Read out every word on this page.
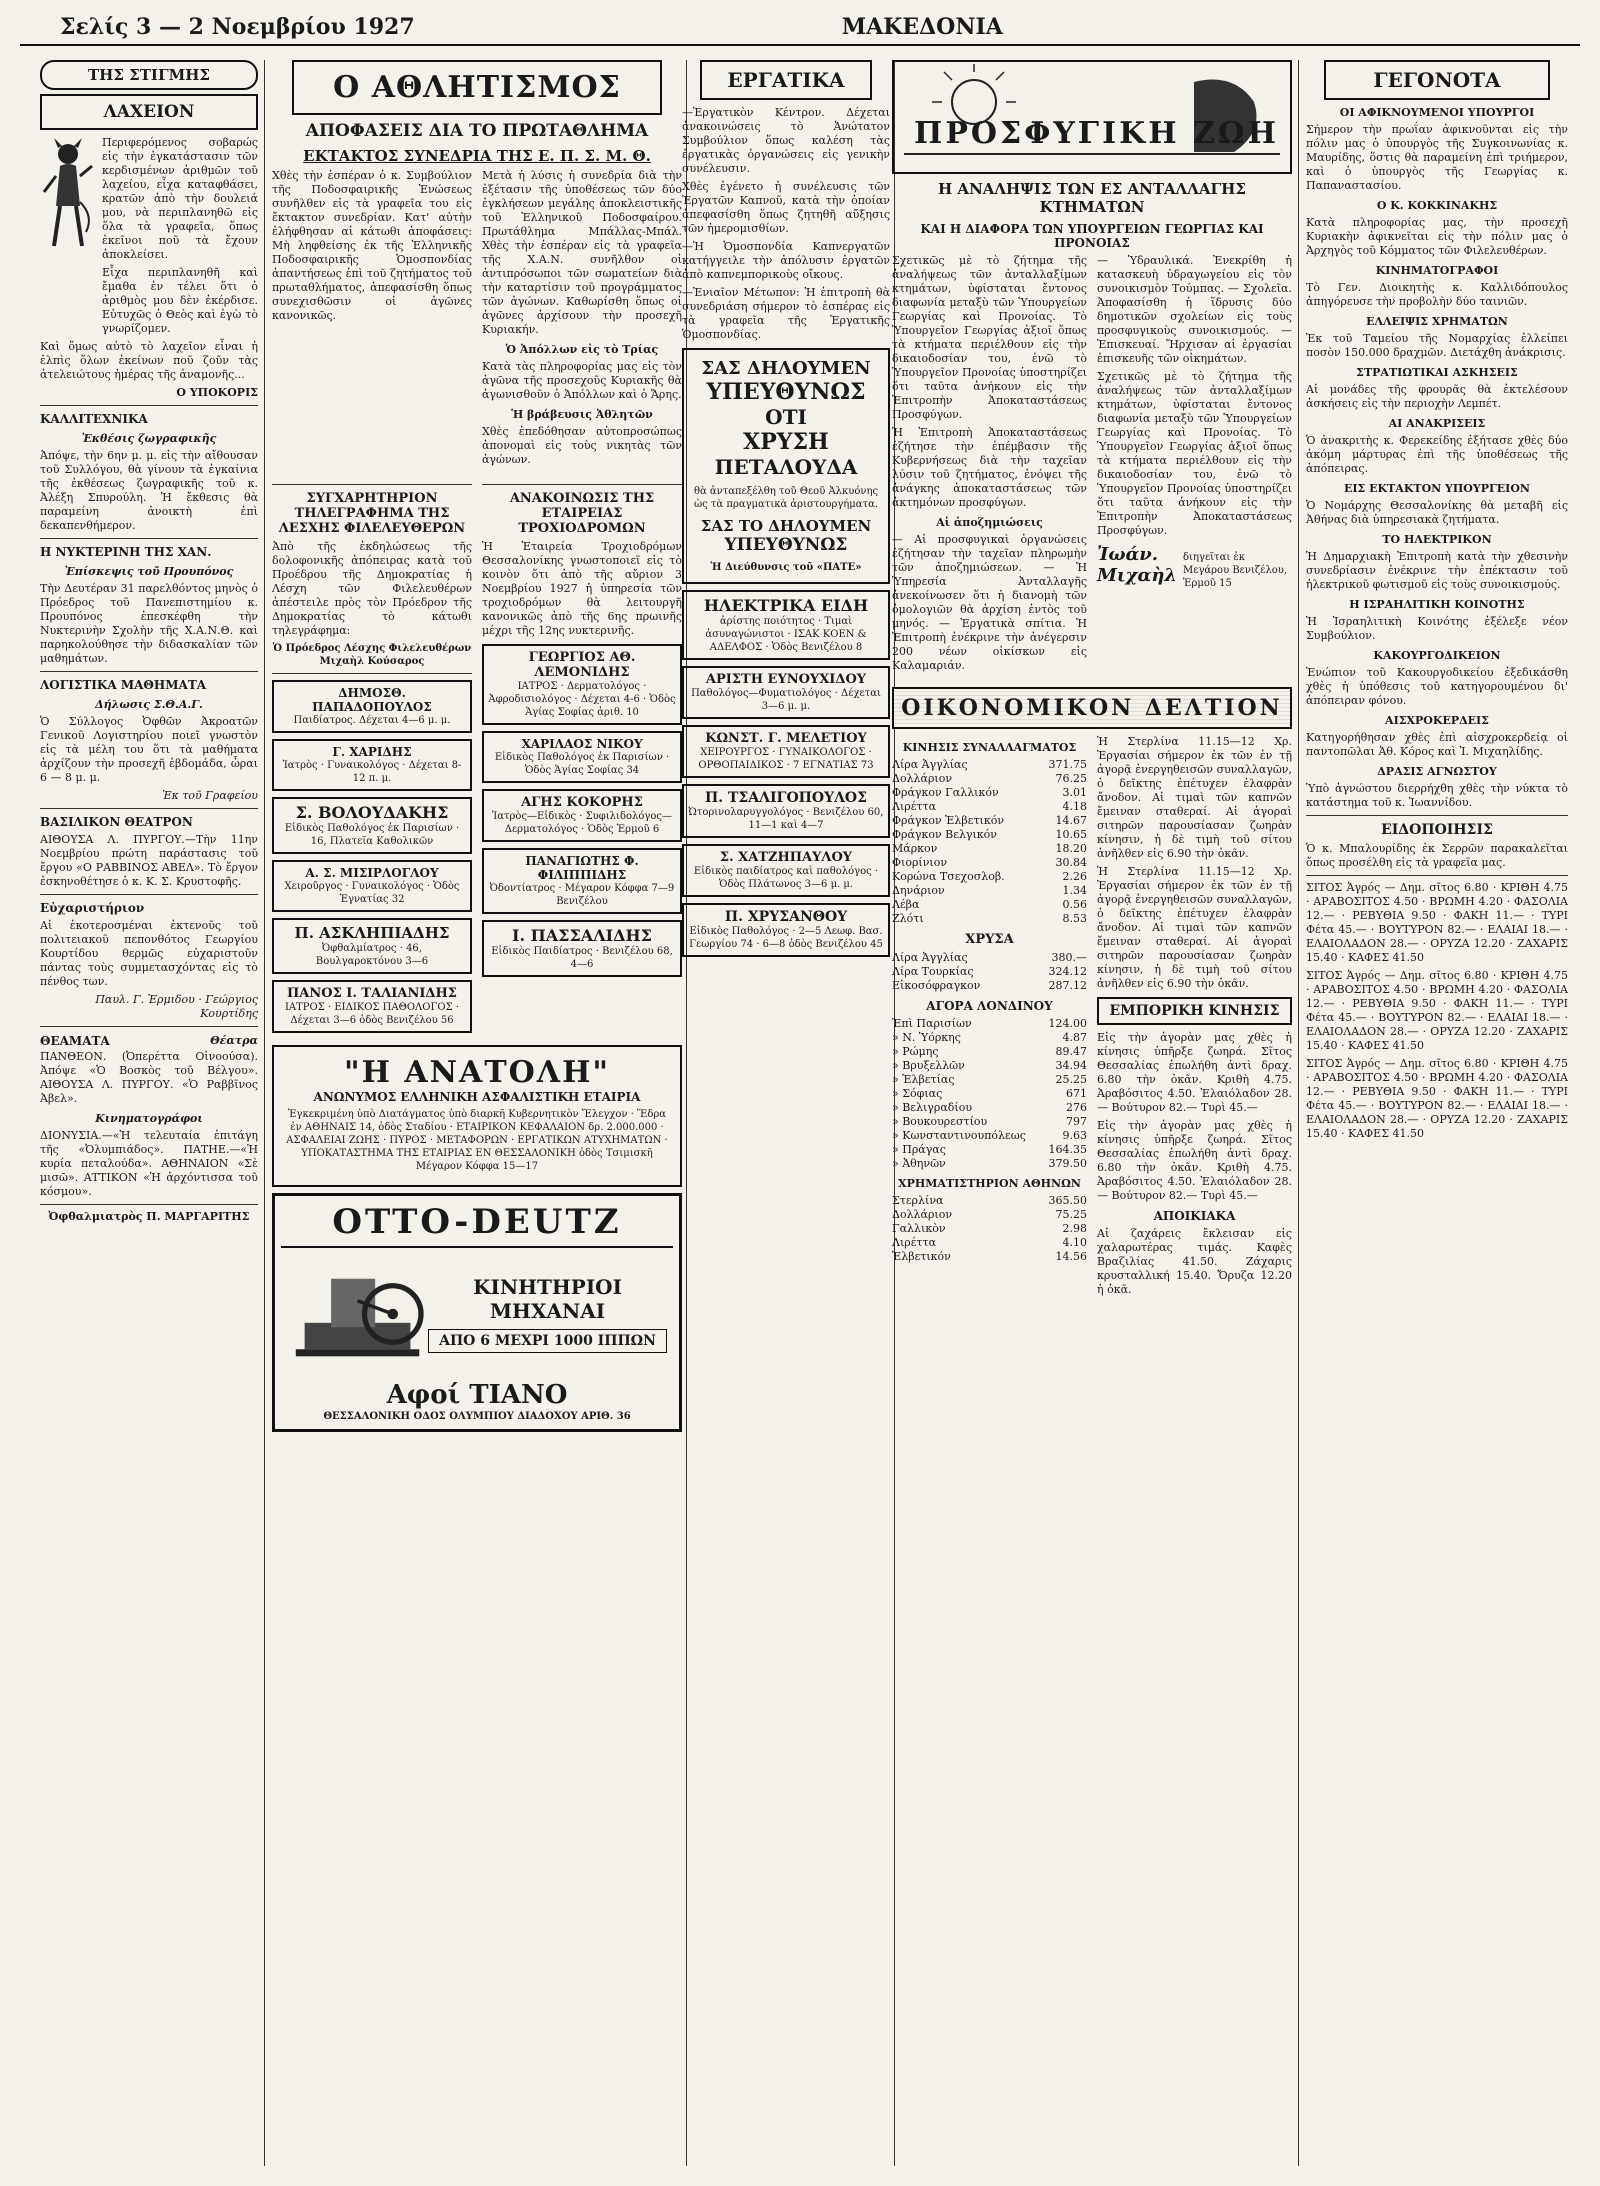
Σελίς 3 — 2 Νοεμβρίου 1927	ΜΑΚΕΔΟΝΙΑ
ΤΗΣ ΣΤΙΓΜΗΣ
ΛΑΧΕΙΟΝ

Περιφερόμενος σοβαρώς εἰς τὴν ἐγκατάστασιν τῶν κερδισμένων ἀριθμῶν τοῦ λαχείου, εἶχα καταφθάσει, κρατῶν ἀπὸ τὴν δουλειά μου, νὰ περιπλανηθῶ εἰς ὅλα τὰ γραφεῖα, ὅπως ἐκεῖνοι ποῦ τὰ ἔχουν ἀποκλείσει.

Εἶχα περιπλανηθῆ καὶ ἔμαθα ἐν τέλει ὅτι ὁ ἀριθμὸς μου δὲν ἐκέρδισε. Εὐτυχῶς ὁ Θεὸς καὶ ἐγὼ τὸ γνωρίζομεν.

Καὶ ὅμως αὐτὸ τὸ λαχεῖον εἶναι ἡ ἐλπὶς ὅλων ἐκείνων ποῦ ζοῦν τὰς ἀτελειώτους ἡμέρας τῆς ἀναμονῆς...

Ο ΥΠΟΚΟΡΙΣ

ΚΑΛΛΙΤΕΧΝΙΚΑ
Ἐκθέσις ζωγραφικῆς

Ἀπόψε, τὴν 6ην μ. μ. εἰς τὴν αἴθουσαν τοῦ Συλλόγου, θὰ γίνουν τὰ ἐγκαίνια τῆς ἐκθέσεως ζωγραφικῆς τοῦ κ. Ἀλέξη Σπυρούλη. Ἡ ἔκθεσις θὰ παραμείνη ἀνοικτὴ ἐπὶ δεκαπενθήμερον.

Η ΝΥΚΤΕΡΙΝΗ ΤΗΣ ΧΑΝ.
Ἐπίσκεψις τοῦ Προυπόνος

Τὴν Δευτέραν 31 παρελθόντος μηνὸς ὁ Πρόεδρος τοῦ Πανεπιστημίου κ. Προυπόνος ἐπεσκέφθη τὴν Νυκτερινὴν Σχολὴν τῆς Χ.Α.Ν.Θ. καὶ παρηκολούθησε τὴν διδασκαλίαν τῶν μαθημάτων.

ΛΟΓΙΣΤΙΚΑ ΜΑΘΗΜΑΤΑ
Δήλωσις Σ.Θ.Α.Γ.

Ὁ Σύλλογος Ὀφθῶν Ἀκροατῶν Γενικοῦ Λογιστηρίου ποιεῖ γνωστὸν εἰς τὰ μέλη του ὅτι τὰ μαθήματα ἀρχίζουν τὴν προσεχῆ ἑβδομάδα, ὧραι 6 — 8 μ. μ.

Ἐκ τοῦ Γραφείου

ΒΑΣΙΛΙΚΟΝ ΘΕΑΤΡΟΝ

ΑΙΘΟΥΣΑ Λ. ΠΥΡΓΟΥ.—Τὴν 11ην Νοεμβρίου πρώτη παράστασις τοῦ ἔργου «Ο ΡΑΒΒΙΝΟΣ ΑΒΕΛ». Τὸ ἔργον ἐσκηνοθέτησε ὁ κ. Κ. Σ. Κρυστοφῆς.

Εὐχαριστήριον

Αἱ ἐκοτεροσμέναι ἐκτενοῦς τοῦ πολιτειακοῦ πεπονθότος Γεωργίου Κουρτίδου θερμῶς εὐχαριστοῦν πάντας τοὺς συμμετασχόντας εἰς τὸ πένθος των.

Παυλ. Γ. Ἐρμιδου · Γεώργιος Κουρτίδης

ΘΕΑΜΑΤΑ	Θέατρα

ΠΑΝΘΕΟΝ. (Ὀπερέττα Οἰνοούσα). Ἀπόψε «Ὁ Βοσκὸς τοῦ Βέλγου». ΑΙΘΟΥΣΑ Λ. ΠΥΡΓΟΥ. «Ὁ Ραββῖνος Ἀβελ».

Κινηματογράφοι

ΔΙΟΝΥΣΙΑ.—«Ἡ τελευταία ἐπιτάγη τῆς «Ὀλυμπιάδος». ΠΑΤΗΕ.—«Ἡ κυρία πεταλούδα». ΑΘΗΝΑΙΟΝ «Σὲ μισῶ». ΑΤΤΙΚΟΝ «Ἡ ἀρχόντισσα τοῦ κόσμου».

Ὀφθαλμιατρὸς Π. ΜΑΡΓΑΡΙΤΗΣ

Ο ΑΘΛΗΤΙΣΜΟΣ
ΑΠΟΦΑΣΕΙΣ ΔΙΑ ΤΟ ΠΡΩΤΑΘΛΗΜΑ
ΕΚΤΑΚΤΟΣ ΣΥΝΕΔΡΙΑ ΤΗΣ Ε. Π. Σ. Μ. Θ.

Χθὲς τὴν ἑσπέραν ὁ κ. Συμβούλιον τῆς Ποδοσφαιρικῆς Ἑνώσεως συνῆλθεν εἰς τὰ γραφεῖα του εἰς ἔκτακτον συνεδρίαν. Κατ' αὐτὴν ἐλήφθησαν αἱ κάτωθι ἀποφάσεις: Μὴ ληφθείσης ἐκ τῆς Ἑλληνικῆς Ποδοσφαιρικῆς Ὁμοσπονδίας ἀπαντήσεως ἐπὶ τοῦ ζητήματος τοῦ πρωταθλήματος, ἀπεφασίσθη ὅπως συνεχισθῶσιν οἱ ἀγῶνες κανονικῶς.

Μετὰ ἡ λύσις ἡ συνεδρία διὰ τὴν ἐξέτασιν τῆς ὑποθέσεως τῶν δύο ἐγκλήσεων μεγάλης ἀποκλειστικῆς τοῦ Ἑλληνικοῦ Ποδοσφαίρου. Πρωτάθλημα Μπάλλας-Μπάλ. Χθὲς τὴν ἑσπέραν εἰς τὰ γραφεῖα τῆς Χ.Α.Ν. συνῆλθον οἱ ἀντιπρόσωποι τῶν σωματείων διὰ τὴν καταρτίσιν τοῦ προγράμματος τῶν ἀγώνων. Καθωρίσθη ὅπως οἱ ἀγῶνες ἀρχίσουν τὴν προσεχῆ Κυριακήν.

Ὁ Ἀπόλλων εἰς τὸ Τρίας

Κατὰ τὰς πληροφορίας μας εἰς τὸν ἀγῶνα τῆς προσεχοῦς Κυριακῆς θὰ ἀγωνισθοῦν ὁ Ἀπόλλων καὶ ὁ Ἄρης.

Ἡ βράβευσις Ἀθλητῶν

Χθὲς ἐπεδόθησαν αὐτοπροσώπως ἀπονομαὶ εἰς τοὺς νικητὰς τῶν ἀγώνων.

ΣΥΓΧΑΡΗΤΗΡΙΟΝ ΤΗΛΕΓΡΑΦΗΜΑ ΤΗΣ ΛΕΣΧΗΣ ΦΙΛΕΛΕΥΘΕΡΩΝ

Ἀπὸ τῆς ἐκδηλώσεως τῆς δολοφονικῆς ἀπόπειρας κατὰ τοῦ Προέδρου τῆς Δημοκρατίας ἡ Λέσχη τῶν Φιλελευθέρων ἀπέστειλε πρὸς τὸν Πρόεδρον τῆς Δημοκρατίας τὸ κάτωθι τηλεγράφημα:

Ὁ Πρόεδρος Λέσχης Φιλελευθέρων Μιχαὴλ Κούσαρος

ΔΗΜΟΣΘ. ΠΑΠΑΔΟΠΟΥΛΟΣ
Παιδίατρος. Δέχεται 4—6 μ. μ.
Γ. ΧΑΡΙΔΗΣ
Ἰατρὸς · Γυναικολόγος · Δέχεται 8-12 π. μ.
Σ. ΒΟΛΟΥΔΑΚΗΣ
Εἰδικὸς Παθολόγος ἐκ Παρισίων · 16, Πλατεῖα Καθολικῶν
Α. Σ. ΜΙΣΙΡΛΟΓΛΟΥ
Χειροῦργος · Γυναικολόγος · Ὁδὸς Ἐγνατίας 32
Π. ΑΣΚΛΗΠΙΑΔΗΣ
Ὀφθαλμίατρος · 46, Βουλγαροκτόνου 3—6
ΠΑΝΟΣ Ι. ΤΑΛΙΑΝΙΔΗΣ
ΙΑΤΡΟΣ · ΕΙΔΙΚΟΣ ΠΑΘΟΛΟΓΟΣ · Δέχεται 3—6 ὁδὸς Βενιζέλου 56
ΑΝΑΚΟΙΝΩΣΙΣ ΤΗΣ ΕΤΑΙΡΕΙΑΣ ΤΡΟΧΙΟΔΡΟΜΩΝ

Ἡ Ἑταιρεία Τροχιοδρόμων Θεσσαλονίκης γνωστοποιεῖ εἰς τὸ κοινὸν ὅτι ἀπὸ τῆς αὔριον 3 Νοεμβρίου 1927 ἡ ὑπηρεσία τῶν τροχιοδρόμων θὰ λειτουργῆ κανονικῶς ἀπὸ τῆς 6ης πρωινῆς μέχρι τῆς 12ης νυκτερινῆς.

ΓΕΩΡΓΙΟΣ ΑΘ. ΛΕΜΟΝΙΔΗΣ
ΙΑΤΡΟΣ · Δερματολόγος · Ἀφροδισιολόγος · Δέχεται 4-6 · Ὁδὸς Ἁγίας Σοφίας ἀριθ. 10
ΧΑΡΙΛΑΟΣ ΝΙΚΟΥ
Εἰδικὸς Παθολόγος ἐκ Παρισίων · Ὁδὸς Ἁγίας Σοφίας 34
ΑΓΗΣ ΚΟΚΟΡΗΣ
Ἰατρὸς—Εἰδικὸς · Συφιλιδολόγος—Δερματολόγος · Ὁδὸς Ἑρμοῦ 6
ΠΑΝΑΓΙΩΤΗΣ Φ. ΦΙΛΙΠΠΙΔΗΣ
Ὀδοντίατρος · Μέγαρον Κόφφα 7—9 Βενιζέλου
Ι. ΠΑΣΣΑΛΙΔΗΣ
Εἰδικὸς Παιδίατρος · Βενιζέλου 68, 4—6
"Η ΑΝΑΤΟΛΗ"
ΑΝΩΝΥΜΟΣ ΕΛΛΗΝΙΚΗ ΑΣΦΑΛΙΣΤΙΚΗ ΕΤΑΙΡΙΑ

Ἐγκεκριμένη ὑπὸ Διατάγματος ὑπὸ διαρκῆ Κυβερνητικὸν Ἔλεγχον · Ἕδρα ἐν ΑΘΗΝΑΙΣ 14, ὁδὸς Σταδίου · ΕΤΑΙΡΙΚΟΝ ΚΕΦΑΛΑΙΟΝ δρ. 2.000.000 · ΑΣΦΑΛΕΙΑΙ ΖΩΗΣ · ΠΥΡΟΣ · ΜΕΤΑΦΟΡΩΝ · ΕΡΓΑΤΙΚΩΝ ΑΤΥΧΗΜΑΤΩΝ · ΥΠΟΚΑΤΑΣΤΗΜΑ ΤΗΣ ΕΤΑΙΡΙΑΣ ΕΝ ΘΕΣΣΑΛΟΝΙΚΗ ὁδὸς Τσιμισκῆ Μέγαρον Κόφφα 15—17

OTTO-DEUTZ
ΚΙΝΗΤΗΡΙΟΙ ΜΗΧΑΝΑΙ
ΑΠΟ 6 ΜΕΧΡΙ 1000 ΙΠΠΩΝ
Αφοί ΤΙΑΝΟ
ΘΕΣΣΑΛΟΝΙΚΗ ΟΔΟΣ ΟΛΥΜΠΙΟΥ ΔΙΑΔΟΧΟΥ ΑΡΙΘ. 36
ΕΡΓΑΤΙΚΑ

—Ἐργατικὸν Κέντρον. Δέχεται ἀνακοινώσεις τὸ Ἀνώτατον Συμβούλιον ὅπως καλέση τὰς ἐργατικὰς ὀργανώσεις εἰς γενικὴν συνέλευσιν.

Χθὲς ἐγένετο ἡ συνέλευσις τῶν Ἐργατῶν Καπνοῦ, κατὰ τὴν ὁποίαν ἀπεφασίσθη ὅπως ζητηθῆ αὔξησις τῶν ἡμερομισθίων.

—Ἡ Ὁμοσπονδία Καπνεργατῶν κατήγγειλε τὴν ἀπόλυσιν ἐργατῶν ἀπὸ καπνεμπορικοὺς οἴκους.

—Ἐνιαῖον Μέτωπον: Ἡ ἐπιτροπὴ θὰ συνεδριάση σήμερον τὸ ἑσπέρας εἰς τὰ γραφεῖα τῆς Ἐργατικῆς Ὁμοσπονδίας.

ΣΑΣ ΔΗΛΟΥΜΕΝ
ΥΠΕΥΘΥΝΩΣ
ΟΤΙ
ΧΡΥΣΗ
ΠΕΤΑΛΟΥΔΑ

θὰ ἀνταπεξέλθη τοῦ Θεοῦ Ἀλκυόνης ὡς τὰ πραγματικὰ ἀριστουργήματα.

ΣΑΣ ΤΟ ΔΗΛΟΥΜΕΝ
ΥΠΕΥΘΥΝΩΣ
Ἡ Διεύθυνσις τοῦ «ΠΑΤΕ»
ΗΛΕΚΤΡΙΚΑ ΕΙΔΗ
ἀρίστης ποιότητος · Τιμαὶ ἀσυναγώνιστοι · ΙΣΑΚ ΚΟΕΝ & ΑΔΕΛΦΟΣ · Ὁδὸς Βενιζέλου 8
ΑΡΙΣΤΗ ΕΥΝΟΥΧΙΔΟΥ
Παθολόγος—Φυματιολόγος · Δέχεται 3—6 μ. μ.
ΚΩΝΣΤ. Γ. ΜΕΛΕΤΙΟΥ
ΧΕΙΡΟΥΡΓΟΣ · ΓΥΝΑΙΚΟΛΟΓΟΣ · ΟΡΘΟΠΑΙΔΙΚΟΣ · 7 ΕΓΝΑΤΙΑΣ 73
Π. ΤΣΑΛΙΓΟΠΟΥΛΟΣ
Ὠτορινολαρυγγολόγος · Βενιζέλου 60, 11—1 καὶ 4—7
Σ. ΧΑΤΖΗΠΑΥΛΟΥ
Εἰδικὸς παιδίατρος καὶ παθολόγος · Ὁδὸς Πλάτωνος 3—6 μ. μ.
Π. ΧΡΥΣΑΝΘΟΥ
Εἰδικὸς Παθολόγος · 2—5 Λεωφ. Βασ. Γεωργίου 74 · 6—8 ὁδὸς Βενιζέλου 45
ΠΡΟΣΦΥΓΙΚΗ ΖΩΗ
Η ΑΝΑΛΗΨΙΣ ΤΩΝ ΕΣ ΑΝΤΑΛΛΑΓΗΣ ΚΤΗΜΑΤΩΝ
ΚΑΙ Η ΔΙΑΦΟΡΑ ΤΩΝ ΥΠΟΥΡΓΕΙΩΝ ΓΕΩΡΓΙΑΣ ΚΑΙ ΠΡΟΝΟΙΑΣ

Σχετικῶς μὲ τὸ ζήτημα τῆς ἀναλήψεως τῶν ἀνταλλαξίμων κτημάτων, ὑφίσταται ἔντονος διαφωνία μεταξὺ τῶν Ὑπουργείων Γεωργίας καὶ Προνοίας. Τὸ Ὑπουργεῖον Γεωργίας ἀξιοῖ ὅπως τὰ κτήματα περιέλθουν εἰς τὴν δικαιοδοσίαν του, ἐνῶ τὸ Ὑπουργεῖον Προνοίας ὑποστηρίζει ὅτι ταῦτα ἀνήκουν εἰς τὴν Ἐπιτροπὴν Ἀποκαταστάσεως Προσφύγων.

Ἡ Ἐπιτροπὴ Ἀποκαταστάσεως ἐζήτησε τὴν ἐπέμβασιν τῆς Κυβερνήσεως διὰ τὴν ταχεῖαν λύσιν τοῦ ζητήματος, ἐνόψει τῆς ἀνάγκης ἀποκαταστάσεως τῶν ἀκτημόνων προσφύγων.

Αἱ ἀποζημιώσεις

— Αἱ προσφυγικαὶ ὀργανώσεις ἐζήτησαν τὴν ταχεῖαν πληρωμὴν τῶν ἀποζημιώσεων. — Ἡ Ὑπηρεσία Ἀνταλλαγῆς ἀνεκοίνωσεν ὅτι ἡ διανομὴ τῶν ὁμολογιῶν θὰ ἀρχίση ἐντὸς τοῦ μηνός. — Ἐργατικὰ σπίτια. Ἡ Ἐπιτροπὴ ἐνέκρινε τὴν ἀνέγερσιν 200 νέων οἰκίσκων εἰς Καλαμαριάν.

— Ὑδραυλικά. Ἐνεκρίθη ἡ κατασκευὴ ὑδραγωγείου εἰς τὸν συνοικισμὸν Τούμπας. — Σχολεῖα. Ἀποφασίσθη ἡ ἵδρυσις δύο δημοτικῶν σχολείων εἰς τοὺς προσφυγικοὺς συνοικισμούς. — Ἐπισκευαί. Ἤρχισαν αἱ ἐργασίαι ἐπισκευῆς τῶν οἰκημάτων.

Σχετικῶς μὲ τὸ ζήτημα τῆς ἀναλήψεως τῶν ἀνταλλαξίμων κτημάτων, ὑφίσταται ἔντονος διαφωνία μεταξὺ τῶν Ὑπουργείων Γεωργίας καὶ Προνοίας. Τὸ Ὑπουργεῖον Γεωργίας ἀξιοῖ ὅπως τὰ κτήματα περιέλθουν εἰς τὴν δικαιοδοσίαν του, ἐνῶ τὸ Ὑπουργεῖον Προνοίας ὑποστηρίζει ὅτι ταῦτα ἀνήκουν εἰς τὴν Ἐπιτροπὴν Ἀποκαταστάσεως Προσφύγων.

Ἰωάν. Μιχαὴλ
διηγεῖται ἐκ Μεγάρου Βενιζέλου, Ἑρμοῦ 15
ΟΙΚΟΝΟΜΙΚΟΝ ΔΕΛΤΙΟΝ
ΚΙΝΗΣΙΣ ΣΥΝΑΛΛΑΓΜΑΤΟΣ
Λίρα Ἀγγλίας	371.75
Δολλάριον	76.25
Φράγκον Γαλλικόν	3.01
Λιρέττα	4.18
Φράγκον Ἑλβετικόν	14.67
Φράγκον Βελγικόν	10.65
Μάρκον	18.20
Φιορίνιον	30.84
Κορώνα Τσεχοσλοβ.	2.26
Δηνάριον	1.34
Λέβα	0.56
Ζλότι	8.53
ΧΡΥΣΑ
Λίρα Ἀγγλίας	380.—
Λίρα Τουρκίας	324.12
Εἰκοσόφραγκον	287.12
ΑΓΟΡΑ ΛΟΝΔΙΝΟΥ
Ἐπὶ Παρισίων	124.00
» Ν. Ὑόρκης	4.87
» Ρώμης	89.47
» Βρυξελλῶν	34.94
» Ἑλβετίας	25.25
» Σόφιας	671
» Βελιγραδίου	276
» Βουκουρεστίου	797
» Κωνσταντινουπόλεως	9.63
» Πράγας	164.35
» Ἀθηνῶν	379.50
ΧΡΗΜΑΤΙΣΤΗΡΙΟΝ ΑΘΗΝΩΝ
Στερλίνα	365.50
Δολλάριον	75.25
Γαλλικὸν	2.98
Λιρέττα	4.10
Ἑλβετικόν	14.56

Ἡ Στερλίνα 11.15—12 Χρ. Ἐργασίαι σήμερον ἐκ τῶν ἐν τῇ ἀγορᾷ ἐνεργηθεισῶν συναλλαγῶν, ὁ δεῖκτης ἐπέτυχεν ἐλαφρὰν ἄνοδον. Αἱ τιμαὶ τῶν καπνῶν ἔμειναν σταθεραί. Αἱ ἀγοραὶ σιτηρῶν παρουσίασαν ζωηρὰν κίνησιν, ἡ δὲ τιμὴ τοῦ σίτου ἀνῆλθεν εἰς 6.90 τὴν ὀκᾶν.

Ἡ Στερλίνα 11.15—12 Χρ. Ἐργασίαι σήμερον ἐκ τῶν ἐν τῇ ἀγορᾷ ἐνεργηθεισῶν συναλλαγῶν, ὁ δεῖκτης ἐπέτυχεν ἐλαφρὰν ἄνοδον. Αἱ τιμαὶ τῶν καπνῶν ἔμειναν σταθεραί. Αἱ ἀγοραὶ σιτηρῶν παρουσίασαν ζωηρὰν κίνησιν, ἡ δὲ τιμὴ τοῦ σίτου ἀνῆλθεν εἰς 6.90 τὴν ὀκᾶν.

ΕΜΠΟΡΙΚΗ ΚΙΝΗΣΙΣ

Εἰς τὴν ἀγορὰν μας χθὲς ἡ κίνησις ὑπῆρξε ζωηρά. Σῖτος Θεσσαλίας ἐπωλήθη ἀντὶ δραχ. 6.80 τὴν ὀκᾶν. Κριθὴ 4.75. Ἀραβόσιτος 4.50. Ἐλαιόλαδον 28.— Βούτυρον 82.— Τυρὶ 45.—

Εἰς τὴν ἀγορὰν μας χθὲς ἡ κίνησις ὑπῆρξε ζωηρά. Σῖτος Θεσσαλίας ἐπωλήθη ἀντὶ δραχ. 6.80 τὴν ὀκᾶν. Κριθὴ 4.75. Ἀραβόσιτος 4.50. Ἐλαιόλαδον 28.— Βούτυρον 82.— Τυρὶ 45.—

ΑΠΟΙΚΙΑΚΑ

Αἱ ζαχάρεις ἔκλεισαν εἰς χαλαρωτέρας τιμάς. Καφὲς Βραζιλίας 41.50. Ζάχαρις κρυσταλλική 15.40. Ὄρυζα 12.20 ἡ ὀκᾶ.

ΓΕΓΟΝΟΤΑ
ΟΙ ΑΦΙΚΝΟΥΜΕΝΟΙ ΥΠΟΥΡΓΟΙ

Σήμερον τὴν πρωΐαν ἀφικνοῦνται εἰς τὴν πόλιν μας ὁ ὑπουργὸς τῆς Συγκοινωνίας κ. Μαυρίδης, ὅστις θὰ παραμείνη ἐπὶ τριήμερον, καὶ ὁ ὑπουργὸς τῆς Γεωργίας κ. Παπαναστασίου.

Ο Κ. ΚΟΚΚΙΝΑΚΗΣ

Κατὰ πληροφορίας μας, τὴν προσεχῆ Κυριακὴν ἀφικνεῖται εἰς τὴν πόλιν μας ὁ Ἀρχηγὸς τοῦ Κόμματος τῶν Φιλελευθέρων.

ΚΙΝΗΜΑΤΟΓΡΑΦΟΙ

Τὸ Γεν. Διοικητὴς κ. Καλλιδόπουλος ἀπηγόρευσε τὴν προβολὴν δύο ταινιῶν.

ΕΛΛΕΙΨΙΣ ΧΡΗΜΑΤΩΝ

Ἐκ τοῦ Ταμείου τῆς Νομαρχίας ἐλλείπει ποσὸν 150.000 δραχμῶν. Διετάχθη ἀνάκρισις.

ΣΤΡΑΤΙΩΤΙΚΑΙ ΑΣΚΗΣΕΙΣ

Αἱ μονάδες τῆς φρουρᾶς θὰ ἐκτελέσουν ἀσκήσεις εἰς τὴν περιοχὴν Λεμπέτ.

ΑΙ ΑΝΑΚΡΙΣΕΙΣ

Ὁ ἀνακριτὴς κ. Φερεκείδης ἐξήτασε χθὲς δύο ἀκόμη μάρτυρας ἐπὶ τῆς ὑποθέσεως τῆς ἀπόπειρας.

ΕΙΣ ΕΚΤΑΚΤΟΝ ΥΠΟΥΡΓΕΙΟΝ

Ὁ Νομάρχης Θεσσαλονίκης θὰ μεταβῆ εἰς Ἀθήνας διὰ ὑπηρεσιακὰ ζητήματα.

ΤΟ ΗΛΕΚΤΡΙΚΟΝ

Ἡ Δημαρχιακὴ Ἐπιτροπὴ κατὰ τὴν χθεσινὴν συνεδρίασιν ἐνέκρινε τὴν ἐπέκτασιν τοῦ ἠλεκτρικοῦ φωτισμοῦ εἰς τοὺς συνοικισμούς.

Η ΙΣΡΑΗΛΙΤΙΚΗ ΚΟΙΝΟΤΗΣ

Ἡ Ἰσραηλιτικὴ Κοινότης ἐξέλεξε νέον Συμβούλιον.

ΚΑΚΟΥΡΓΟΔΙΚΕΙΟΝ

Ἐνώπιον τοῦ Κακουργοδικείου ἐξεδικάσθη χθὲς ἡ ὑπόθεσις τοῦ κατηγορουμένου δι' ἀπόπειραν φόνου.

ΑΙΣΧΡΟΚΕΡΔΕΙΣ

Κατηγορήθησαν χθὲς ἐπὶ αἰσχροκερδείᾳ οἱ παντοπῶλαι Ἀθ. Κόρος καὶ Ἰ. Μιχαηλίδης.

ΔΡΑΣΙΣ ΑΓΝΩΣΤΟΥ

Ὑπὸ ἀγνώστου διερρήχθη χθὲς τὴν νύκτα τὸ κατάστημα τοῦ κ. Ἰωαννίδου.

ΕΙΔΟΠΟΙΗΣΙΣ

Ὁ κ. Μπαλουρίδης ἐκ Σερρῶν παρακαλεῖται ὅπως προσέλθη εἰς τὰ γραφεῖα μας.

ΣΙΤΟΣ Ἀγρός — Δημ. σῖτος 6.80 · ΚΡΙΘΗ 4.75 · ΑΡΑΒΟΣΙΤΟΣ 4.50 · ΒΡΩΜΗ 4.20 · ΦΑΣΟΛΙΑ 12.— · ΡΕΒΥΘΙΑ 9.50 · ΦΑΚΗ 11.— · ΤΥΡΙ Φέτα 45.— · ΒΟΥΤΥΡΟΝ 82.— · ΕΛΑΙΑΙ 18.— · ΕΛΑΙΟΛΑΔΟΝ 28.— · ΟΡΥΖΑ 12.20 · ΖΑΧΑΡΙΣ 15.40 · ΚΑΦΕΣ 41.50

ΣΙΤΟΣ Ἀγρός — Δημ. σῖτος 6.80 · ΚΡΙΘΗ 4.75 · ΑΡΑΒΟΣΙΤΟΣ 4.50 · ΒΡΩΜΗ 4.20 · ΦΑΣΟΛΙΑ 12.— · ΡΕΒΥΘΙΑ 9.50 · ΦΑΚΗ 11.— · ΤΥΡΙ Φέτα 45.— · ΒΟΥΤΥΡΟΝ 82.— · ΕΛΑΙΑΙ 18.— · ΕΛΑΙΟΛΑΔΟΝ 28.— · ΟΡΥΖΑ 12.20 · ΖΑΧΑΡΙΣ 15.40 · ΚΑΦΕΣ 41.50

ΣΙΤΟΣ Ἀγρός — Δημ. σῖτος 6.80 · ΚΡΙΘΗ 4.75 · ΑΡΑΒΟΣΙΤΟΣ 4.50 · ΒΡΩΜΗ 4.20 · ΦΑΣΟΛΙΑ 12.— · ΡΕΒΥΘΙΑ 9.50 · ΦΑΚΗ 11.— · ΤΥΡΙ Φέτα 45.— · ΒΟΥΤΥΡΟΝ 82.— · ΕΛΑΙΑΙ 18.— · ΕΛΑΙΟΛΑΔΟΝ 28.— · ΟΡΥΖΑ 12.20 · ΖΑΧΑΡΙΣ 15.40 · ΚΑΦΕΣ 41.50
